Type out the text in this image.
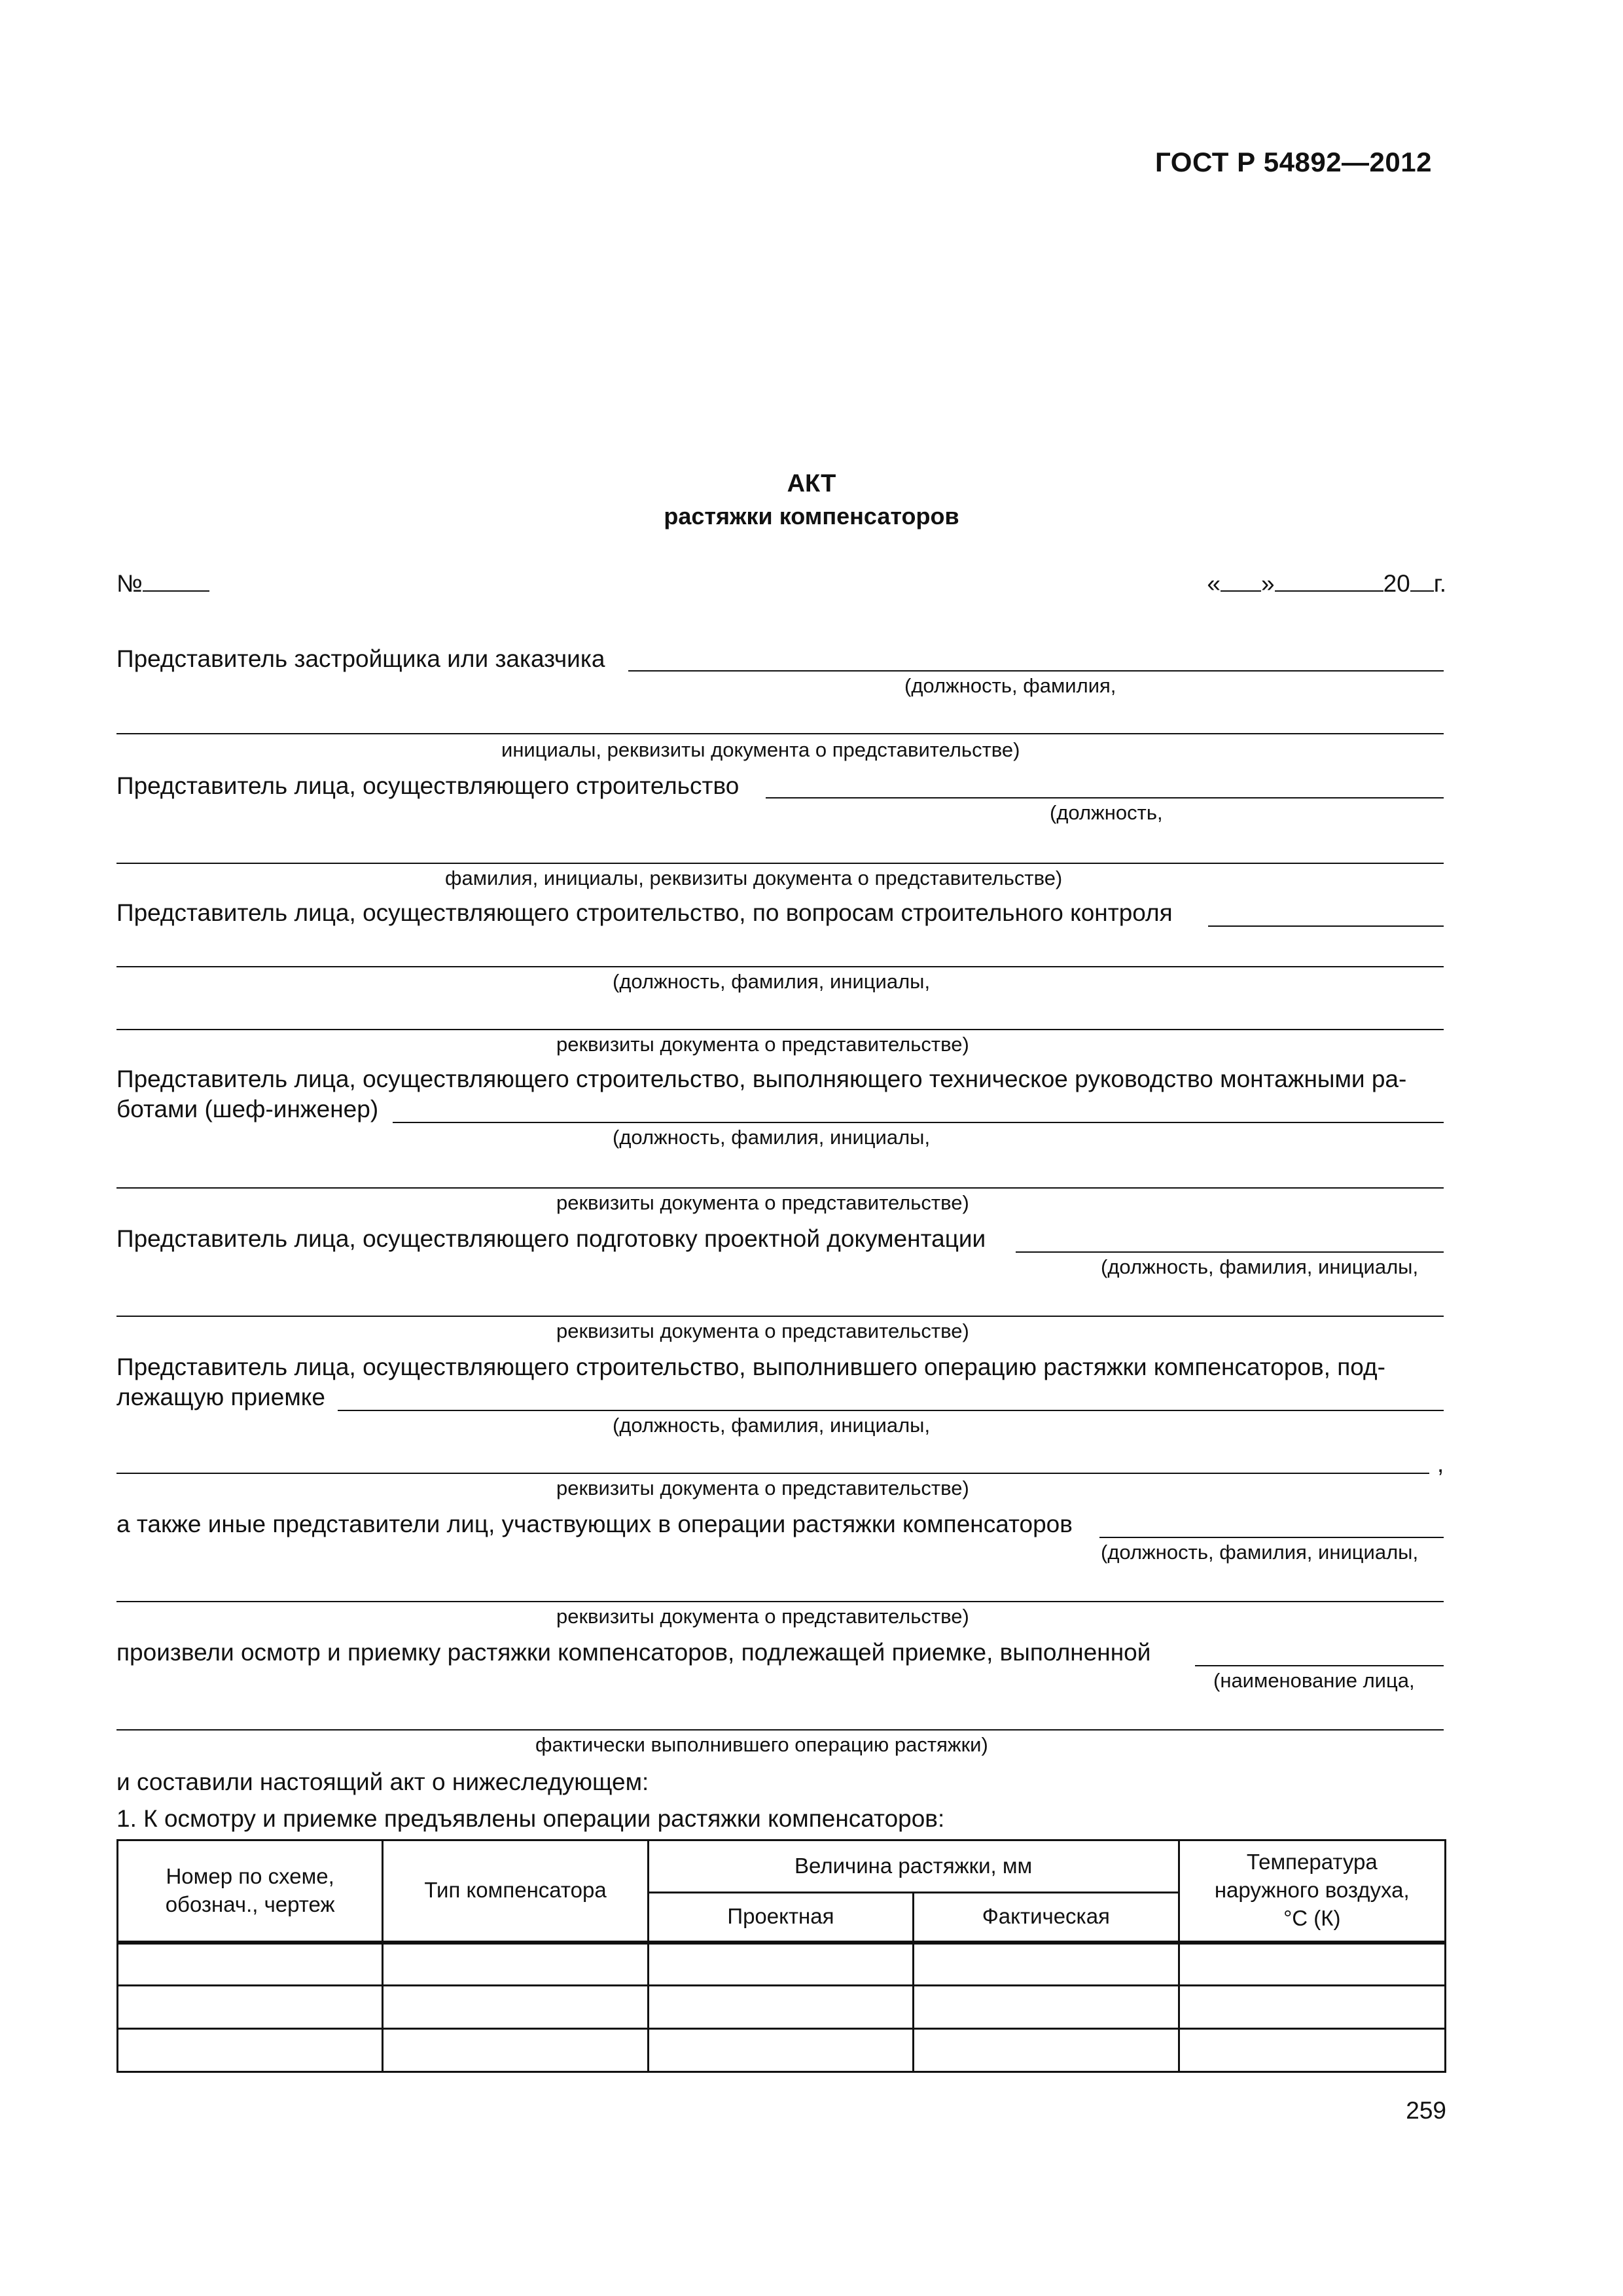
ГОСТ Р 54892—2012
АКТ
растяжки компенсаторов
№	« »	20 г.
Представитель застройщика или заказчика
(должность, фамилия,
инициалы, реквизиты документа о представительстве)
Представитель лица, осуществляющего строительство
(должность,
фамилия, инициалы, реквизиты документа о представительстве)
Представитель лица, осуществляющего строительство, по вопросам строительного контроля
(должность, фамилия, инициалы,
реквизиты документа о представительстве)
Представитель лица, осуществляющего строительство, выполняющего техническое руководство монтажными ра-
ботами (шеф-инженер)
(должность, фамилия, инициалы,
реквизиты документа о представительстве)
Представитель лица, осуществляющего подготовку проектной документации
(должность, фамилия, инициалы,
реквизиты документа о представительстве)
Представитель лица, осуществляющего строительство, выполнившего операцию растяжки компенсаторов, под-
лежащую приемке
(должность, фамилия, инициалы,
,
реквизиты документа о представительстве)
а также иные представители лиц, участвующих в операции растяжки компенсаторов
(должность, фамилия, инициалы,
реквизиты документа о представительстве)
произвели осмотр и приемку растяжки компенсаторов, подлежащей приемке, выполненной
(наименование лица,
фактически выполнившего операцию растяжки)
и составили настоящий акт о нижеследующем:
1. К осмотру и приемке предъявлены операции растяжки компенсаторов:
Номер по схеме,
обознач., чертеж	Тип компенсатора	Величина растяжки, мм		Температура
наружного воздуха,
°С (К)
		Проектная	Фактическая	

259
